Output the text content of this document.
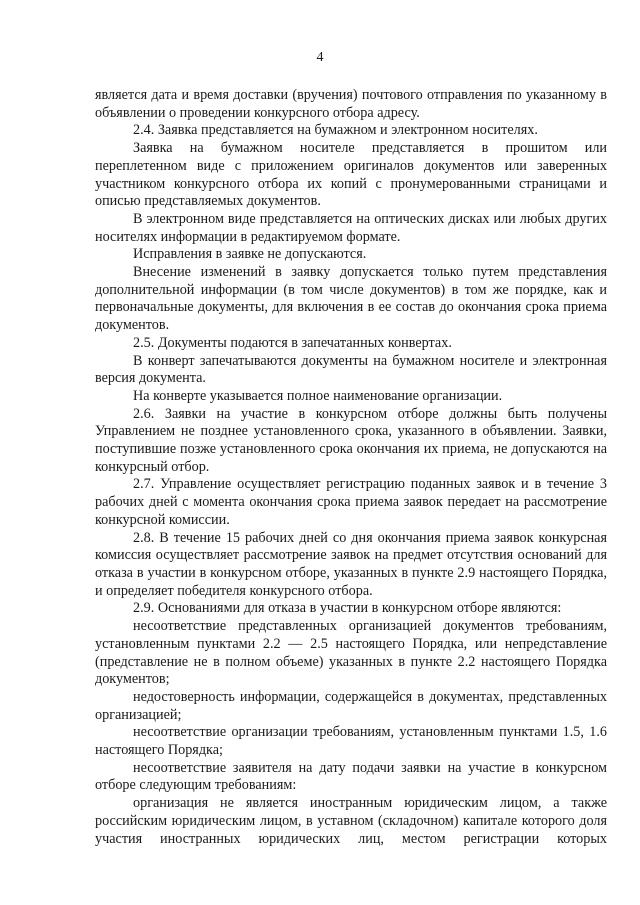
4

является дата и время доставки (вручения) почтового отправления по указанному в объявлении о проведении конкурсного отбора адресу.

2.4. Заявка представляется на бумажном и электронном носителях.

Заявка на бумажном носителе представляется в прошитом или переплетенном виде с приложением оригиналов документов или заверенных участником конкурсного отбора их копий с пронумерованными страницами и описью представляемых документов.

В электронном виде представляется на оптических дисках или любых других носителях информации в редактируемом формате.

Исправления в заявке не допускаются.

Внесение изменений в заявку допускается только путем представления дополнительной информации (в том числе документов) в том же порядке, как и первоначальные документы, для включения в ее состав до окончания срока приема документов.

2.5. Документы подаются в запечатанных конвертах.

В конверт запечатываются документы на бумажном носителе и электронная версия документа.

На конверте указывается полное наименование организации.

2.6. Заявки на участие в конкурсном отборе должны быть получены Управлением не позднее установленного срока, указанного в объявлении. Заявки, поступившие позже установленного срока окончания их приема, не допускаются на конкурсный отбор.

2.7. Управление осуществляет регистрацию поданных заявок и в течение 3 рабочих дней с момента окончания срока приема заявок передает на рассмотрение конкурсной комиссии.

2.8. В течение 15 рабочих дней со дня окончания приема заявок конкурсная комиссия осуществляет рассмотрение заявок на предмет отсутствия оснований для отказа в участии в конкурсном отборе, указанных в пункте 2.9 настоящего Порядка, и определяет победителя конкурсного отбора.

2.9. Основаниями для отказа в участии в конкурсном отборе являются:

несоответствие представленных организацией документов требованиям, установленным пунктами 2.2 — 2.5 настоящего Порядка, или непредставление (представление не в полном объеме) указанных в пункте 2.2 настоящего Порядка документов;

недостоверность информации, содержащейся в документах, представленных организацией;

несоответствие организации требованиям, установленным пунктами 1.5, 1.6 настоящего Порядка;

несоответствие заявителя на дату подачи заявки на участие в конкурсном отборе следующим требованиям:

организация не является иностранным юридическим лицом, а также российским юридическим лицом, в уставном (складочном) капитале которого доля участия иностранных юридических лиц, местом регистрации которых
